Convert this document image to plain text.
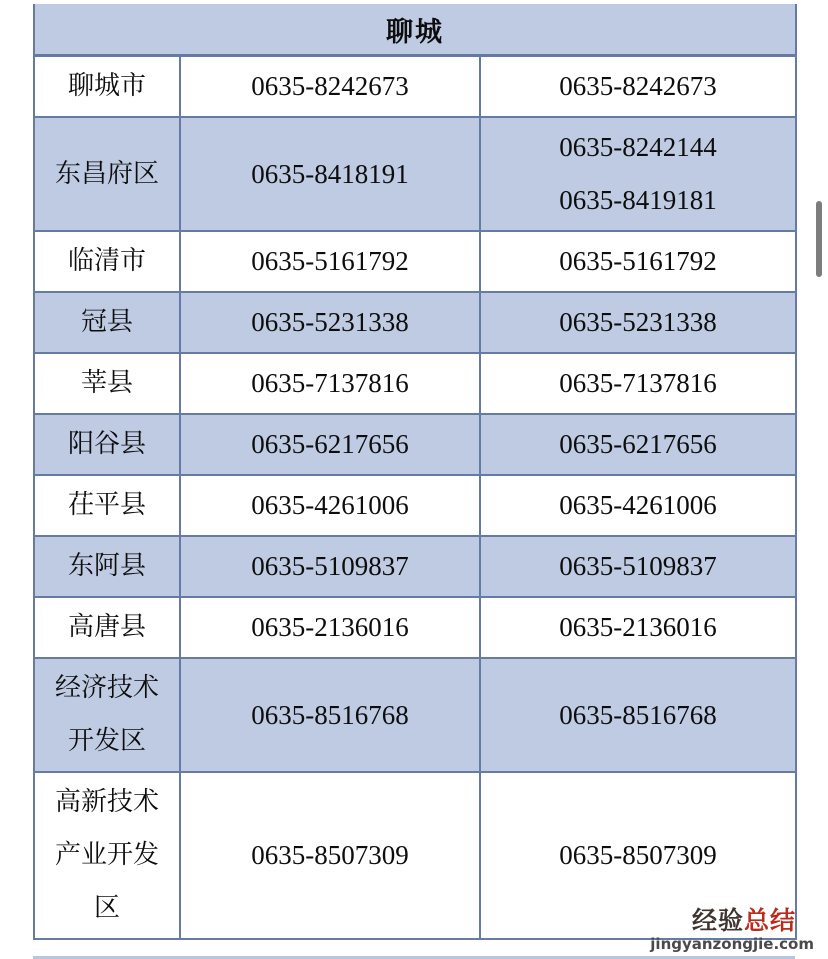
聊城		
聊城市	0635-8242673	0635-8242673

东昌府区	0635-8418191	0635-8242144
0635-8419181

临清市	0635-5161792	0635-5161792

冠县	0635-5231338	0635-5231338

莘县	0635-7137816	0635-7137816

阳谷县	0635-6217656	0635-6217656

茌平县	0635-4261006	0635-4261006

东阿县	0635-5109837	0635-5109837

高唐县	0635-2136016	0635-2136016

经济技术开发区	0635-8516768	0635-8516768

高新技术产业开发区	0635-8507309	0635-8507309
经验总结
jingyanzongjie.com
